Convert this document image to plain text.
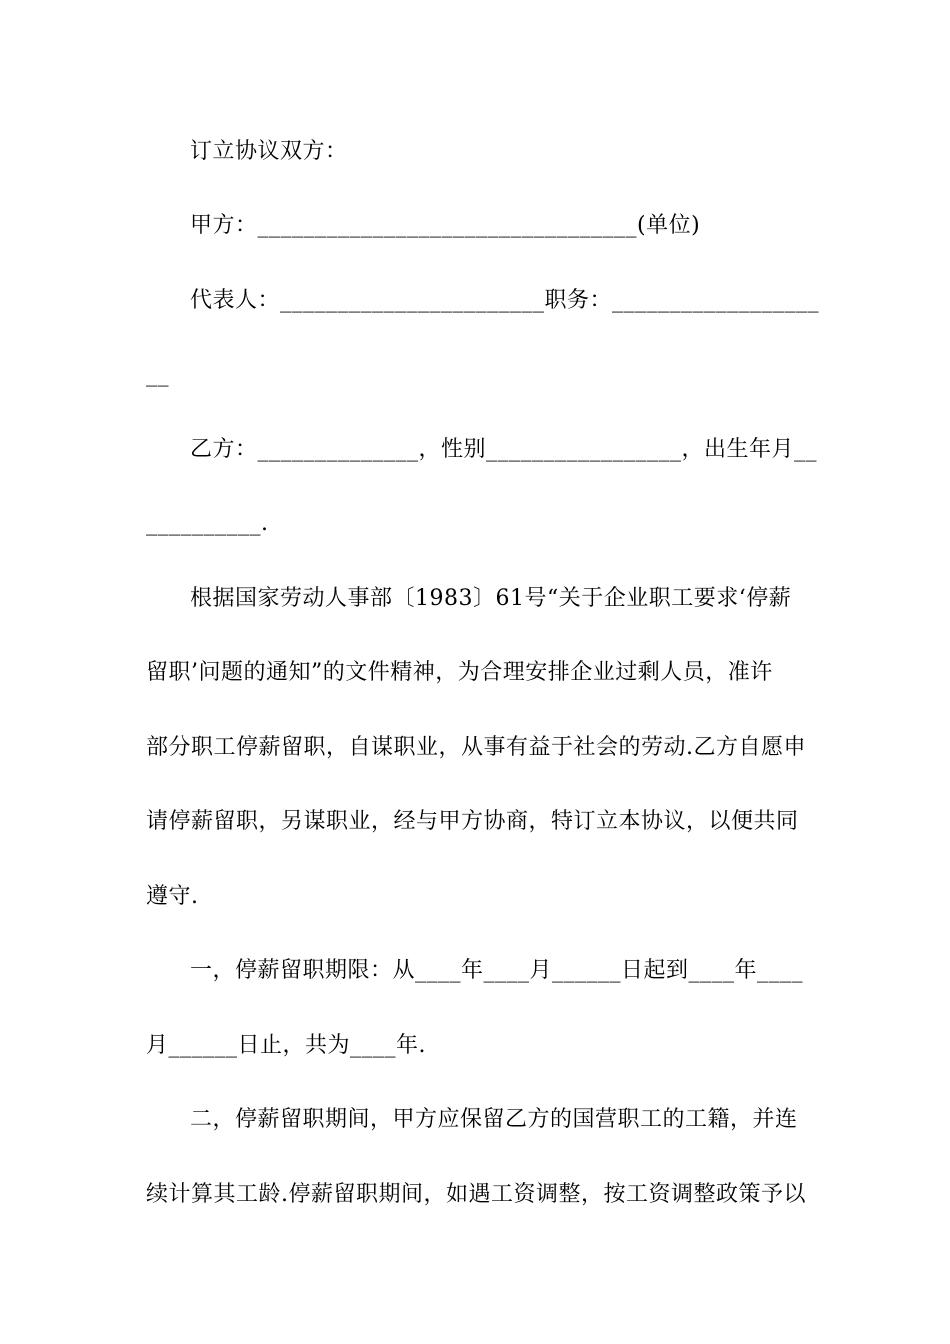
订立协议双方：
甲方：_________________________________(单位)
代表人：_______________________职务：__________________
__
乙方：______________，性别_________________，出生年月__
__________.
根据国家劳动人事部〔1983〕61号“关于企业职工要求‘停薪
留职’问题的通知”的文件精神，为合理安排企业过剩人员，准许
部分职工停薪留职，自谋职业，从事有益于社会的劳动.乙方自愿申
请停薪留职，另谋职业，经与甲方协商，特订立本协议，以便共同
遵守.
一，停薪留职期限：从____年____月______日起到____年____
月______日止，共为____年.
二，停薪留职期间，甲方应保留乙方的国营职工的工籍，并连
续计算其工龄.停薪留职期间，如遇工资调整，按工资调整政策予以
